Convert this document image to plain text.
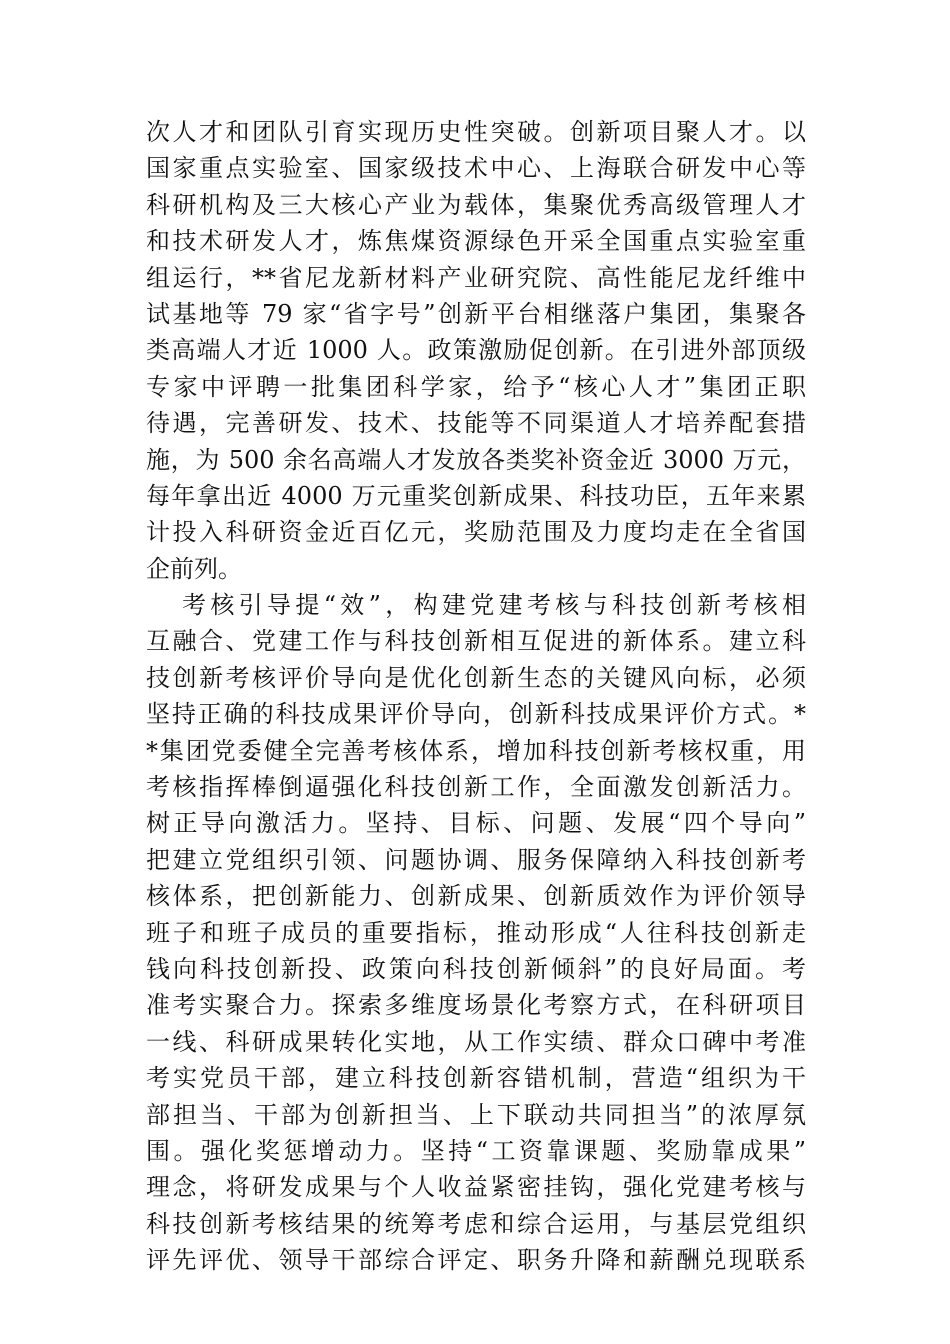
次人才和团队引育实现历史性突破。创新项目聚人才。以
国家重点实验室、国家级技术中心、上海联合研发中心等
科研机构及三大核心产业为载体，集聚优秀高级管理人才
和技术研发人才，炼焦煤资源绿色开采全国重点实验室重
组运行，**省尼龙新材料产业研究院、高性能尼龙纤维中
试基地等 79 家“省字号”创新平台相继落户集团，集聚各
类高端人才近 1000 人。政策激励促创新。在引进外部顶级
专家中评聘一批集团科学家，给予“核心人才”集团正职
待遇，完善研发、技术、技能等不同渠道人才培养配套措
施，为 500 余名高端人才发放各类奖补资金近 3000 万元，
每年拿出近 4000 万元重奖创新成果、科技功臣，五年来累
计投入科研资金近百亿元，奖励范围及力度均走在全省国
企前列。
考核引导提“效”，构建党建考核与科技创新考核相
互融合、党建工作与科技创新相互促进的新体系。建立科
技创新考核评价导向是优化创新生态的关键风向标，必须
坚持正确的科技成果评价导向，创新科技成果评价方式。*
*集团党委健全完善考核体系，增加科技创新考核权重，用
考核指挥棒倒逼强化科技创新工作，全面激发创新活力。
树正导向激活力。坚持、目标、问题、发展“四个导向”
把建立党组织引领、问题协调、服务保障纳入科技创新考
核体系，把创新能力、创新成果、创新质效作为评价领导
班子和班子成员的重要指标，推动形成“人往科技创新走
钱向科技创新投、政策向科技创新倾斜”的良好局面。考
准考实聚合力。探索多维度场景化考察方式，在科研项目
一线、科研成果转化实地，从工作实绩、群众口碑中考准
考实党员干部，建立科技创新容错机制，营造“组织为干
部担当、干部为创新担当、上下联动共同担当”的浓厚氛
围。强化奖惩增动力。坚持“工资靠课题、奖励靠成果”
理念，将研发成果与个人收益紧密挂钩，强化党建考核与
科技创新考核结果的统筹考虑和综合运用，与基层党组织
评先评优、领导干部综合评定、职务升降和薪酬兑现联系
